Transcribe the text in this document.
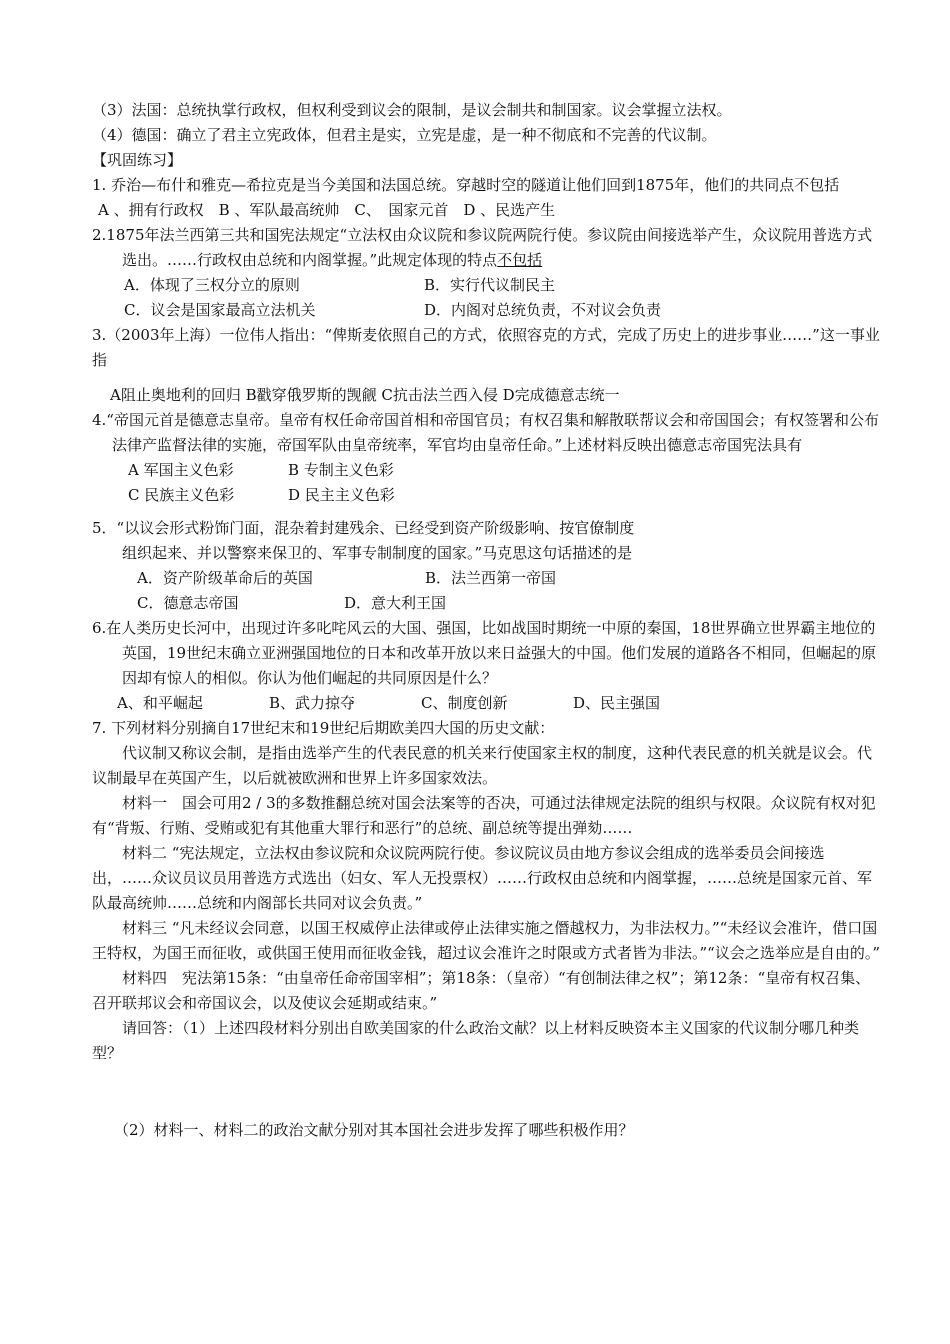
（3）法国：总统执掌行政权，但权利受到议会的限制，是议会制共和制国家。议会掌握立法权。

（4）德国：确立了君主立宪政体，但君主是实，立宪是虚，是一种不彻底和不完善的代议制。

【巩固练习】

1. 乔治—布什和雅克—希拉克是当今美国和法国总统。穿越时空的隧道让他们回到1875年，他们的共同点不包括

A 、拥有行政权　B 、军队最高统帅　C、　国家元首　D 、民选产生

2.1875年法兰西第三共和国宪法规定“立法权由众议院和参议院两院行使。参议院由间接选举产生，众议院用普选方式选出。……行政权由总统和内阁掌握。”此规定体现的特点不包括

A．体现了三权分立的原则	B．实行代议制民主
C．议会是国家最高立法机关	D．内阁对总统负责，不对议会负责

3.（2003年上海）一位伟人指出：“俾斯麦依照自己的方式，依照容克的方式，完成了历史上的进步事业……”这一事业指

A阻止奥地利的回归 B戳穿俄罗斯的觊觎 C抗击法兰西入侵 D完成德意志统一

4.“帝国元首是德意志皇帝。皇帝有权任命帝国首相和帝国官员；有权召集和解散联帮议会和帝国国会；有权签署和公布法律产监督法律的实施，帝国军队由皇帝统率，军官均由皇帝任命。”上述材料反映出德意志帝国宪法具有

A 军国主义色彩	B 专制主义色彩
C 民族主义色彩	D 民主主义色彩

5．“以议会形式粉饰门面，混杂着封建残余、已经受到资产阶级影响、按官僚制度

组织起来、并以警察来保卫的、军事专制制度的国家。”马克思这句话描述的是

A．资产阶级革命后的英国	B．法兰西第一帝国
C．德意志帝国	D．意大利王国

6.在人类历史长河中，出现过许多叱咤风云的大国、强国，比如战国时期统一中原的秦国，18世界确立世界霸主地位的英国，19世纪末确立亚洲强国地位的日本和改革开放以来日益强大的中国。他们发展的道路各不相同，但崛起的原因却有惊人的相似。你认为他们崛起的共同原因是什么？

A、和平崛起	B、武力掠夺	C、制度创新	D、民主强国

7. 下列材料分别摘自17世纪末和19世纪后期欧美四大国的历史文献：

代议制又称议会制，是指由选举产生的代表民意的机关来行使国家主权的制度，这种代表民意的机关就是议会。代议制最早在英国产生，以后就被欧洲和世界上许多国家效法。

材料一　国会可用2 / 3的多数推翻总统对国会法案等的否决，可通过法律规定法院的组织与权限。众议院有权对犯有“背叛、行贿、受贿或犯有其他重大罪行和恶行”的总统、副总统等提出弹劾……

材料二 “宪法规定，立法权由参议院和众议院两院行使。参议院议员由地方参议会组成的选举委员会间接选出，……众议员议员用普选方式选出（妇女、军人无投票权）……行政权由总统和内阁掌握，……总统是国家元首、军队最高统帅……总统和内阁部长共同对议会负责。”

材料三 “凡未经议会同意，以国王权威停止法律或停止法律实施之僭越权力，为非法权力。”“未经议会准许，借口国王特权，为国王而征收，或供国王使用而征收金钱，超过议会准许之时限或方式者皆为非法。”“议会之选举应是自由的。”

材料四　宪法第15条：“由皇帝任命帝国宰相”；第18条：（皇帝）“有创制法律之权”；第12条：“皇帝有权召集、召开联邦议会和帝国议会，以及使议会延期或结束。”

请回答：（1）上述四段材料分别出自欧美国家的什么政治文献？以上材料反映资本主义国家的代议制分哪几种类型？

（2）材料一、材料二的政治文献分别对其本国社会进步发挥了哪些积极作用？
